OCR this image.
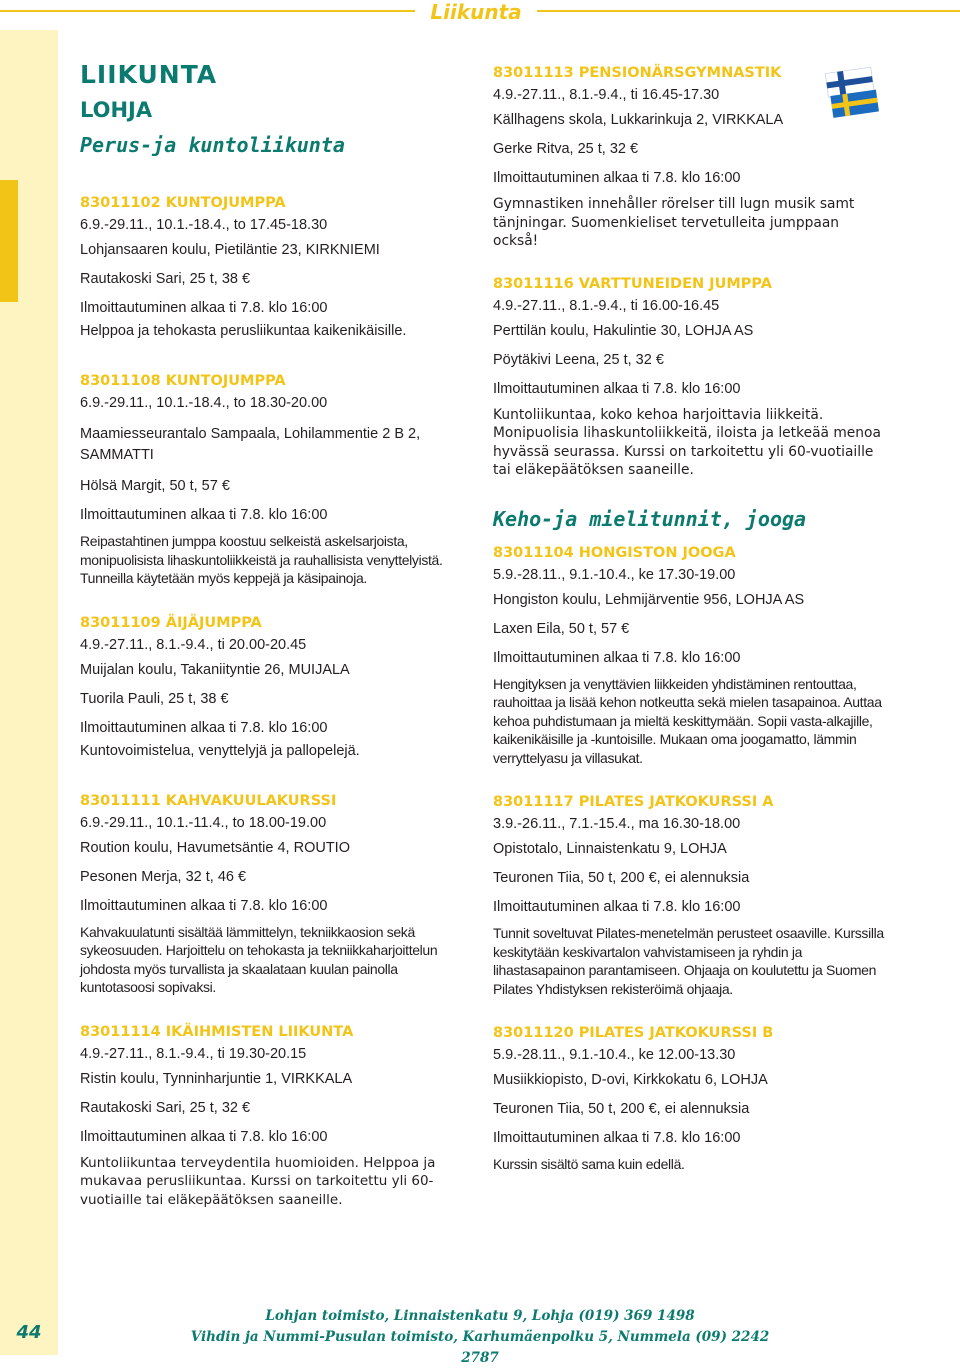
Liikunta
44
LIIKUNTA
LOHJA
Perus-ja kuntoliikunta
83011102 KUNTOJUMPPA
6.9.-29.11., 10.1.-18.4., to 17.45-18.30
Lohjansaaren koulu, Pietiläntie 23, KIRKNIEMI
Rautakoski Sari, 25 t, 38 €
Ilmoittautuminen alkaa ti 7.8. klo 16:00
Helppoa ja tehokasta perusliikuntaa kaikenikäisille.
83011108 KUNTOJUMPPA
6.9.-29.11., 10.1.-18.4., to 18.30-20.00
Maamiesseurantalo Sampaala, Lohilammentie 2 B 2, SAMMATTI
Hölsä Margit, 50 t, 57 €
Ilmoittautuminen alkaa ti 7.8. klo 16:00
Reipastahtinen jumppa koostuu selkeistä askelsarjoista, monipuolisista lihaskuntoliikkeistä ja rauhallisista venyttelyistä. Tunneilla käytetään myös keppejä ja käsipainoja.
83011109 ÄIJÄJUMPPA
4.9.-27.11., 8.1.-9.4., ti 20.00-20.45
Muijalan koulu, Takaniityntie 26, MUIJALA
Tuorila Pauli, 25 t, 38 €
Ilmoittautuminen alkaa ti 7.8. klo 16:00
Kuntovoimistelua, venyttelyjä ja pallopelejä.
83011111 KAHVAKUULAKURSSI
6.9.-29.11., 10.1.-11.4., to 18.00-19.00
Roution koulu, Havumetsäntie 4, ROUTIO
Pesonen Merja, 32 t, 46 €
Ilmoittautuminen alkaa ti 7.8. klo 16:00
Kahvakuulatunti sisältää lämmittelyn, tekniikkaosion sekä sykeosuuden. Harjoittelu on tehokasta ja tekniikkaharjoittelun johdosta myös turvallista ja skaalataan kuulan painolla kuntotasoosi sopivaksi.
83011114 IKÄIHMISTEN LIIKUNTA
4.9.-27.11., 8.1.-9.4., ti 19.30-20.15
Ristin koulu, Tynninharjuntie 1, VIRKKALA
Rautakoski Sari, 25 t, 32 €
Ilmoittautuminen alkaa ti 7.8. klo 16:00
Kuntoliikuntaa terveydentila huomioiden. Helppoa ja mukavaa perusliikuntaa. Kurssi on tarkoitettu yli 60-vuotiaille tai eläkepäätöksen saaneille.
83011113 PENSIONÄRSGYMNASTIK
4.9.-27.11., 8.1.-9.4., ti 16.45-17.30
Källhagens skola, Lukkarinkuja 2, VIRKKALA
Gerke Ritva, 25 t, 32 €
Ilmoittautuminen alkaa ti 7.8. klo 16:00
Gymnastiken innehåller rörelser till lugn musik samt tänjningar. Suomenkieliset tervetulleita jumppaan också!
83011116 VARTTUNEIDEN JUMPPA
4.9.-27.11., 8.1.-9.4., ti 16.00-16.45
Perttilän koulu, Hakulintie 30, LOHJA AS
Pöytäkivi Leena, 25 t, 32 €
Ilmoittautuminen alkaa ti 7.8. klo 16:00
Kuntoliikuntaa, koko kehoa harjoittavia liikkeitä. Monipuolisia lihaskuntoliikkeitä, iloista ja letkeää menoa hyvässä seurassa. Kurssi on tarkoitettu yli 60-vuotiaille tai eläkepäätöksen saaneille.
Keho-ja mielitunnit, jooga
83011104 HONGISTON JOOGA
5.9.-28.11., 9.1.-10.4., ke 17.30-19.00
Hongiston koulu, Lehmijärventie 956, LOHJA AS
Laxen Eila, 50 t, 57 €
Ilmoittautuminen alkaa ti 7.8. klo 16:00
Hengityksen ja venyttävien liikkeiden yhdistäminen rentouttaa, rauhoittaa ja lisää kehon notkeutta sekä mielen tasapainoa. Auttaa kehoa puhdistumaan ja mieltä keskittymään. Sopii vasta-alkajille, kaikenikäisille ja -kuntoisille. Mukaan oma joogamatto, lämmin verryttelyasu ja villasukat.
83011117 PILATES JATKOKURSSI A
3.9.-26.11., 7.1.-15.4., ma 16.30-18.00
Opistotalo, Linnaistenkatu 9, LOHJA
Teuronen Tiia, 50 t, 200 €, ei alennuksia
Ilmoittautuminen alkaa ti 7.8. klo 16:00
Tunnit soveltuvat Pilates-menetelmän perusteet osaaville. Kurssilla keskitytään keskivartalon vahvistamiseen ja ryhdin ja lihastasapainon parantamiseen. Ohjaaja on koulutettu ja Suomen Pilates Yhdistyksen rekisteröimä ohjaaja.
83011120 PILATES JATKOKURSSI B
5.9.-28.11., 9.1.-10.4., ke 12.00-13.30
Musiikkiopisto, D-ovi, Kirkkokatu 6, LOHJA
Teuronen Tiia, 50 t, 200 €, ei alennuksia
Ilmoittautuminen alkaa ti 7.8. klo 16:00
Kurssin sisältö sama kuin edellä.
Lohjan toimisto, Linnaistenkatu 9, Lohja (019) 369 1498
Vihdin ja Nummi-Pusulan toimisto, Karhumäenpolku 5, Nummela (09) 2242 2787
